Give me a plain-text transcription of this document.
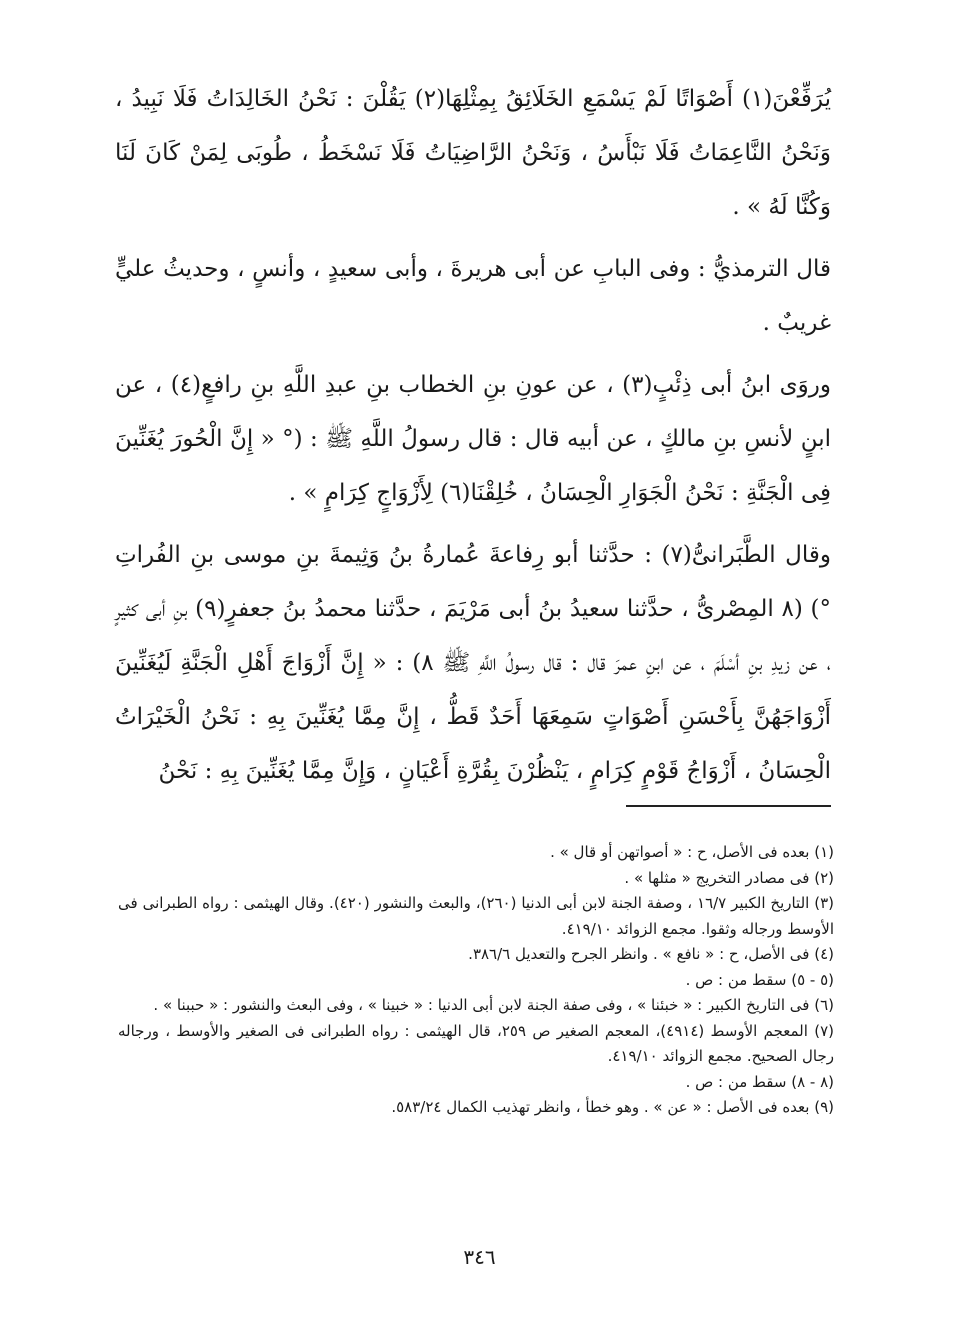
يُرَفِّعْنَ(١) أَصْوَاتًا لَمْ يَسْمَعِ الخَلَائِقُ بِمِثْلِهَا(٢) يَقُلْنَ : نَحْنُ الخَالِدَاتُ فَلَا نَبِيدُ ، وَنَحْنُ النَّاعِمَاتُ فَلَا نَبْأَسُ ، وَنَحْنُ الرَّاضِيَاتُ فَلَا نَسْخَطُ ، طُوبَى لِمَنْ كَانَ لَنَا وَكُنَّا لَهُ » .

قال الترمذيُّ : وفى البابِ عن أبى هريرةَ ، وأبى سعيدٍ ، وأنسٍ ، وحديثُ عليٍّ غريبٌ .

وروَى ابنُ أبى ذِئْبٍ(٣) ، عن عونِ بنِ الخطاب بنِ عبدِ اللَّهِ بنِ رافعٍ(٤) ، عن ابنٍ لأنسِ بنِ مالكٍ ، عن أبيه قال : قال رسولُ اللَّهِ ﷺ : (° « إِنَّ الْحُورَ يُغَنِّينَ فِى الْجَنَّةِ : نَحْنُ الْجَوَارِ الْحِسَانُ ، خُلِقْنَا(٦) لِأَزْوَاجٍ كِرَامٍ » .

وقال الطَّبَرانىُّ(٧) : حدَّثنا أبو رِفاعةَ عُمارةُ بنُ وَثِيمةَ بنِ موسى بنِ الفُراتِ °) (٨ المِصْرىُّ ، حدَّثنا سعيدُ بنُ أبى مَرْيَمَ ، حدَّثنا محمدُ بنُ جعفرٍ(٩) بنِ أبى كثيرٍ ، عن زيدِ بنِ أسْلَمَ ، عن ابنِ عمرَ قال : قال رسولُ اللَّهِ ﷺ ٨) : « إِنَّ أَزْوَاجَ أَهْلِ الْجَنَّةِ لَيُغَنِّينَ أَزْوَاجَهُنَّ بِأَحْسَنِ أَصْوَاتٍ سَمِعَهَا أَحَدٌ قَطُّ ، إِنَّ مِمَّا يُغَنِّينَ بِهِ : نَحْنُ الْخَيْرَاتُ الْحِسَانُ ، أَزْوَاجُ قَوْمٍ كِرَامٍ ، يَنْظُرْنَ بِقُرَّةِ أَعْيَانٍ ، وَإِنَّ مِمَّا يُغَنِّينَ بِهِ : نَحْنُ

(١) بعده فى الأصل، ح : « أصواتهن أو قال » .

(٢) فى مصادر التخريج « مثلها » .

(٣) التاريخ الكبير ١٦/٧ ، وصفة الجنة لابن أبى الدنيا (٢٦٠)، والبعث والنشور (٤٢٠). وقال الهيثمى : رواه الطبرانى فى الأوسط ورجاله وثقوا. مجمع الزوائد ٤١٩/١٠.

(٤) فى الأصل، ح : « نافع » . وانظر الجرح والتعديل ٣٨٦/٦.

(٥ - ٥) سقط من : ص .

(٦) فى التاريخ الكبير : « خبئنا » ، وفى صفة الجنة لابن أبى الدنيا : « خبينا » ، وفى البعث والنشور : « حببنا » .

(٧) المعجم الأوسط (٤٩١٤)، المعجم الصغير ص ٢٥٩، قال الهيثمى : رواه الطبرانى فى الصغير والأوسط ، ورجاله رجال الصحيح. مجمع الزوائد ٤١٩/١٠.

(٨ - ٨) سقط من : ص .

(٩) بعده فى الأصل : « عن » . وهو خطأ ، وانظر تهذيب الكمال ٥٨٣/٢٤.

٣٤٦
